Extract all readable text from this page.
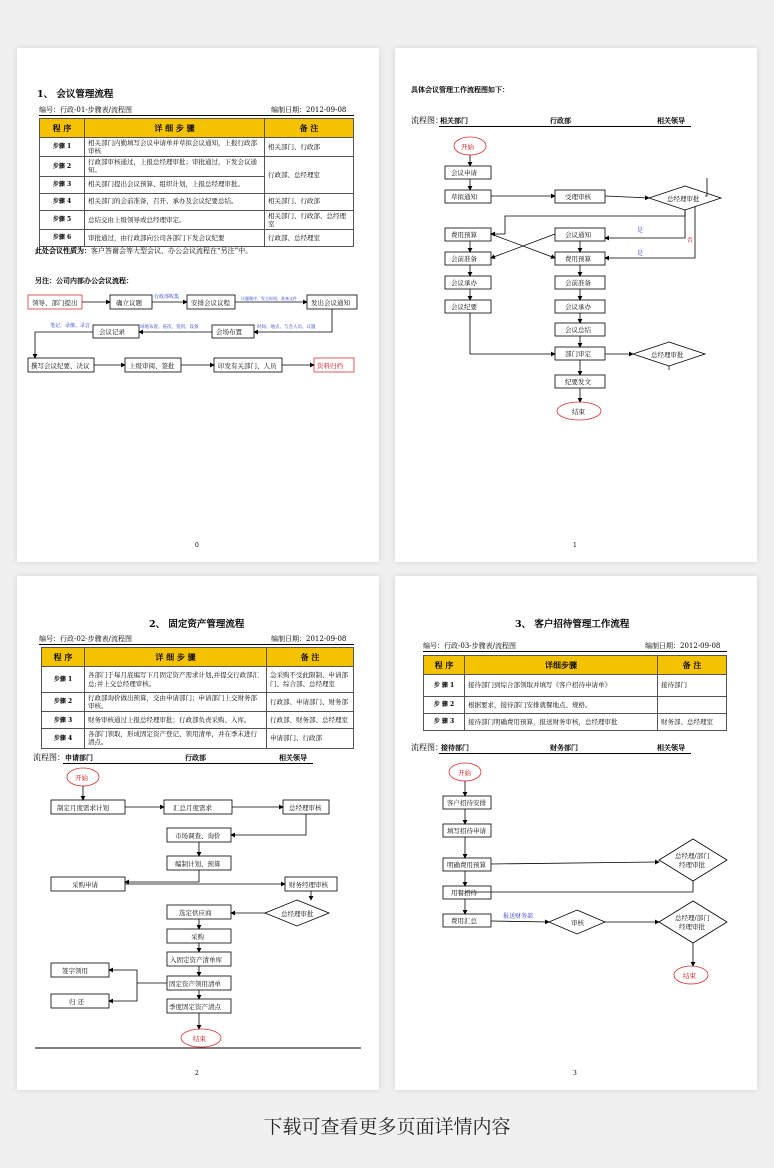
1、 会议管理流程
编号：行政-01-步骤表/流程图	编制日期：2012-09-08
程 序	详 细 步 骤	备 注
步骤 1	相关部门内勤填写会议申请单并草拟会议通知，上报行政部审核	相关部门、行政部
步骤 2	行政部审核通过，上报总经理审批；审批通过，下发会议通知。	行政部、总经理室
步骤 3	相关部门提出会议预算、组织计划，上报总经理审批。	
步骤 4	相关部门的会前准备，召开、承办及会议纪要总结。	相关部门、行政部
步骤 5	总结交由上级领导或总经理审定。	相关部门、行政部、总经理室
步骤 6	审批通过，由行政部向公司各部门下发会议纪要	行政部、总经理室
此处会议性质为：客户答谢会等大型会议、办公会议流程在“另注”中。
另注：公司内部办公会议流程：
领导、部门提出	确立议题	安排会议议程	发出会议通知
会议记录	会场布置
撰写会议纪要、决议	上级审阅、签批	印发有关部门、人员	资料归档
行政部收集	议题顺序、发言时间、准备文件
笔记、录像、录音	场地布置、座次、签到、设备	时间、地点、与会人员、议题
0
具体会议管理工作流程图如下：
流程图：
相关部门	行政部	相关领导
开始
会议申请
草拟通知	受理审核	总经理审批
费用预算	会议通知
会前准备	费用预算
会议承办	会前准备
会议纪要	会议承办
会议总结
部门审定	总经理审批
纪要发文
结束
是
是
否
1
2、 固定资产管理流程
编号：行政-02-步骤表/流程图	编制日期：2012-09-08
程 序	详 细 步 骤	备 注
步骤 1	各部门于每月底编写下月固定资产需求计划,并提交行政部汇总;并上交总经理审核。	急采购不受此限制、申请部门、综合部、总经理室
步骤 2	行政部询价做出预算，交由申请部门；申请部门上交财务部审核。	行政部、申请部门、财务部
步骤 3	财务审核通过上报总经理审批；行政部负责采购、入库。	行政部、财务部、总经理室
步骤 4	各部门领取，形成固定资产登记、领用清单，并在季末进行清点。	申请部门、行政部
流程图： 申请部门	行政部	相关领导
开始
制定月度需求计划	汇总月度需求	总经理审核
市场调查、询价
编制计划、预算
采购申请	财务经理审核
选定供应商	总经理审批
采购
入固定资产清单库
签字领用
固定资产领用清单
归 还
季度固定资产清点
结束
2
3、 客户招待管理工作流程
编号：行政-03-步骤表/流程图	编制日期：2012-09-08
程 序	详细步骤	备 注
步 骤 1	接待部门到综合部领取并填写《客户招待申请单》	接待部门
步 骤 2	根据要求，接待部门安排就餐地点、规格。	
步 骤 3	接待部门明确费用预算，报送财务审核，总经理审批	财务部、总经理室
流程图：
接待部门	财务部门	相关领导
开始
客户招待安排
填写招待申请
明确费用预算
总经理/部门
经理审批
用餐招待
费用汇总	审核
总经理/部门
经理审批
结束
报送财务部
3
下载可查看更多页面详情内容
